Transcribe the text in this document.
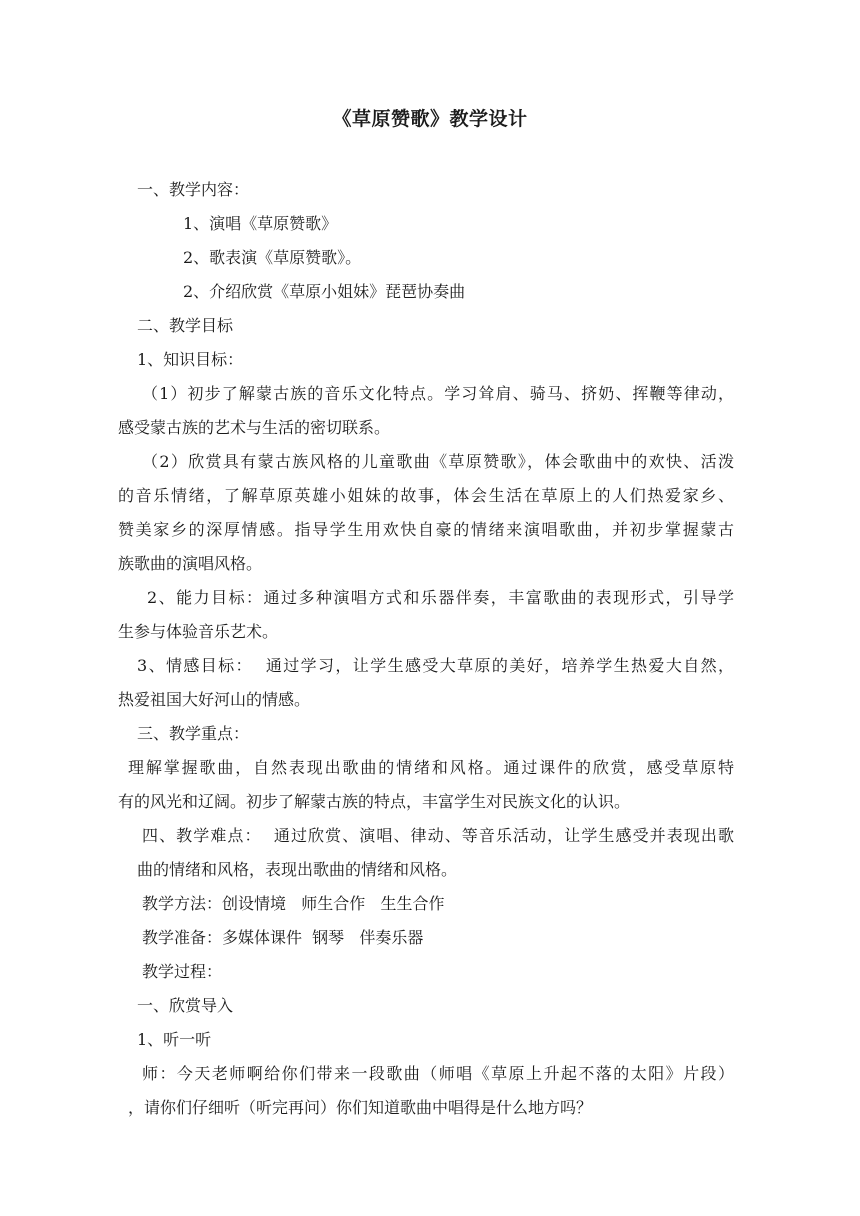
《草原赞歌》教学设计
一、教学内容：
1、演唱《草原赞歌》
2、歌表演《草原赞歌》。
2、介绍欣赏《草原小姐妹》琵琶协奏曲
二、教学目标
1、知识目标：
（1）初步了解蒙古族的音乐文化特点。学习耸肩、骑马、挤奶、挥鞭等律动，
感受蒙古族的艺术与生活的密切联系。
（2）欣赏具有蒙古族风格的儿童歌曲《草原赞歌》，体会歌曲中的欢快、活泼
的音乐情绪，了解草原英雄小姐妹的故事，体会生活在草原上的人们热爱家乡、
赞美家乡的深厚情感。指导学生用欢快自豪的情绪来演唱歌曲，并初步掌握蒙古
族歌曲的演唱风格。
2、能力目标：通过多种演唱方式和乐器伴奏，丰富歌曲的表现形式，引导学
生参与体验音乐艺术。
3、情感目标：  通过学习，让学生感受大草原的美好，培养学生热爱大自然，
热爱祖国大好河山的情感。
三、教学重点：
理解掌握歌曲，自然表现出歌曲的情绪和风格。通过课件的欣赏，感受草原特
有的风光和辽阔。初步了解蒙古族的特点，丰富学生对民族文化的认识。
四、教学难点：  通过欣赏、演唱、律动、等音乐活动，让学生感受并表现出歌
曲的情绪和风格，表现出歌曲的情绪和风格。
教学方法：创设情境   师生合作   生生合作
教学准备：多媒体课件  钢琴   伴奏乐器
教学过程：
一、欣赏导入
1、听一听
师：今天老师啊给你们带来一段歌曲（师唱《草原上升起不落的太阳》片段）
，请你们仔细听（听完再问）你们知道歌曲中唱得是什么地方吗？
